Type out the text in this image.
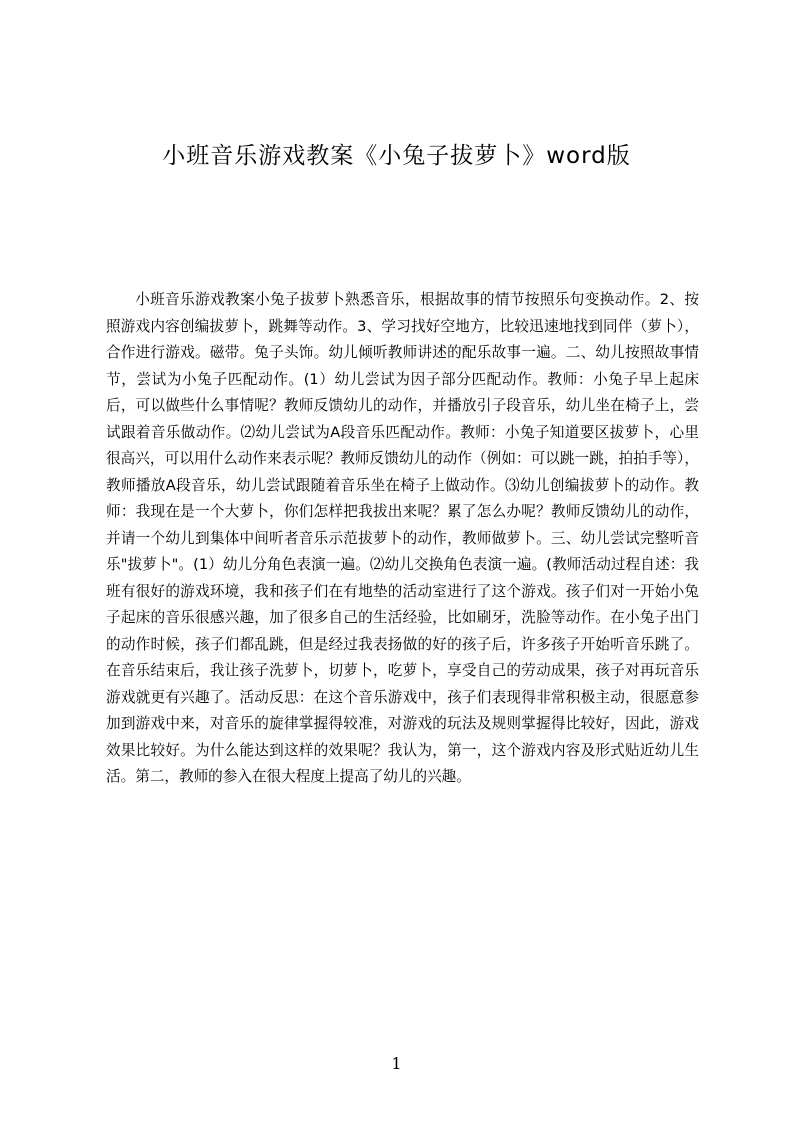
小班音乐游戏教案《小兔子拔萝卜》word版

小班音乐游戏教案小兔子拔萝卜熟悉音乐，根据故事的情节按照乐句变换动作。2、按照游戏内容创编拔萝卜，跳舞等动作。3、学习找好空地方，比较迅速地找到同伴（萝卜），合作进行游戏。磁带。兔子头饰。幼儿倾听教师讲述的配乐故事一遍。二、幼儿按照故事情节，尝试为小兔子匹配动作。(1）幼儿尝试为因子部分匹配动作。教师：小兔子早上起床后，可以做些什么事情呢？教师反馈幼儿的动作，并播放引子段音乐，幼儿坐在椅子上，尝试跟着音乐做动作。⑵幼儿尝试为A段音乐匹配动作。教师：小兔子知道要区拔萝卜，心里很高兴，可以用什么动作来表示呢？教师反馈幼儿的动作（例如：可以跳一跳，拍拍手等），教师播放A段音乐，幼儿尝试跟随着音乐坐在椅子上做动作。⑶幼儿创编拔萝卜的动作。教师：我现在是一个大萝卜，你们怎样把我拔出来呢？累了怎么办呢？教师反馈幼儿的动作，并请一个幼儿到集体中间听者音乐示范拔萝卜的动作，教师做萝卜。三、幼儿尝试完整听音乐"拔萝卜"。(1）幼儿分角色表演一遍。⑵幼儿交换角色表演一遍。(教师活动过程自述：我班有很好的游戏环境，我和孩子们在有地垫的活动室进行了这个游戏。孩子们对一开始小兔子起床的音乐很感兴趣，加了很多自己的生活经验，比如刷牙，洗脸等动作。在小兔子出门的动作时候，孩子们都乱跳，但是经过我表扬做的好的孩子后，许多孩子开始听音乐跳了。在音乐结束后，我让孩子洗萝卜，切萝卜，吃萝卜，享受自己的劳动成果，孩子对再玩音乐游戏就更有兴趣了。活动反思：在这个音乐游戏中，孩子们表现得非常积极主动，很愿意参加到游戏中来，对音乐的旋律掌握得较准，对游戏的玩法及规则掌握得比较好，因此，游戏效果比较好。为什么能达到这样的效果呢？我认为，第一，这个游戏内容及形式贴近幼儿生活。第二，教师的参入在很大程度上提高了幼儿的兴趣。

1
